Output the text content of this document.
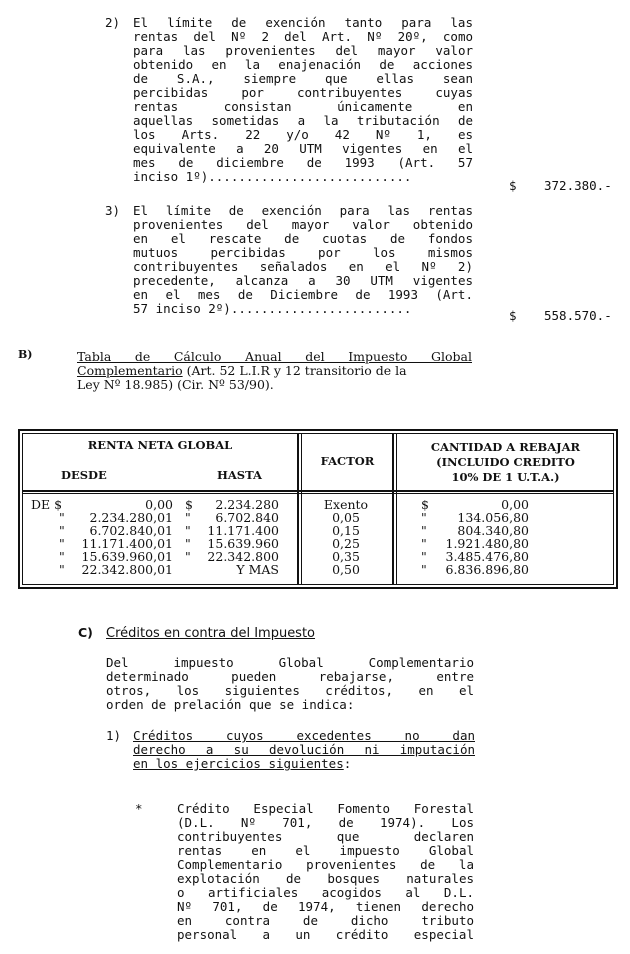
2) El límite de exención tanto para las
rentas del Nº 2 del Art. Nº 20º, como
para las provenientes del mayor valor
obtenido en la enajenación de acciones
de S.A., siempre que ellas sean
percibidas por contribuyentes cuyas
rentas consistan únicamente en
aquellas sometidas a la tributación de
los Arts. 22 y/o 42 Nº 1, es
equivalente a 20 UTM vigentes en el
mes de diciembre de 1993 (Art. 57
inciso 1º)...........................
$ 372.380.-
3) El límite de exención para las rentas
provenientes del mayor valor obtenido
en el rescate de cuotas de fondos
mutuos percibidas por los mismos
contribuyentes señalados en el Nº 2)
precedente, alcanza a 30 UTM vigentes
en el mes de Diciembre de 1993 (Art.
57 inciso 2º)........................	$ 558.570.-
B)	Tabla de Cálculo Anual del Impuesto Global
Complementario (Art. 52 L.I.R y 12 transitorio de la
Ley Nº 18.985) (Cir. Nº 53/90).
RENTA NETA GLOBAL
DESDE	HASTA
FACTOR
CANTIDAD A REBAJAR
(INCLUIDO CREDITO
10% DE 1 U.T.A.)
DE $	0,00 $	2.234.280	Exento	$	0,00
"	2.234.280,01 "	6.702.840	0,05	"	134.056,80
"	6.702.840,01 "	11.171.400	0,15	"	804.340,80
"	11.171.400,01 "	15.639.960	0,25	"	1.921.480,80
"	15.639.960,01 "	22.342.800	0,35	"	3.485.476,80
"	22.342.800,01	Y MAS	0,50	"	6.836.896,80
C) Créditos en contra del Impuesto
Del impuesto Global Complementario
determinado pueden rebajarse, entre
otros, los siguientes créditos, en el
orden de prelación que se indica:
1) Créditos cuyos excedentes no dan
derecho a su devolución ni imputación
en los ejercicios siguientes:
*	Crédito Especial Fomento Forestal
(D.L. Nº 701, de 1974). Los
contribuyentes que declaren
rentas en el impuesto Global
Complementario provenientes de la
explotación de bosques naturales
o artificiales acogidos al D.L.
Nº 701, de 1974, tienen derecho
en contra de dicho tributo
personal a un crédito especial
